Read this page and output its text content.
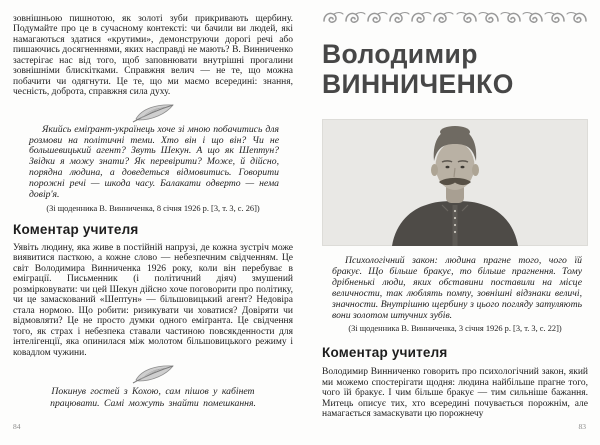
зовнішньою пишнотою, як золоті зуби прикривають щербину. Подумайте про це в сучасному контексті: чи бачили ви людей, які намагаються здатися «крутими», демонструючи дорогі речі або пишаючись досягненнями, яких насправді не мають? В. Винниченко застерігає нас від того, щоб заповнювати внутрішні прогалини зовнішніми блискітками. Справжня велич — не те, що можна побачити чи одягнути. Це те, що ми маємо всередині: знання, чесність, доброта, справжня сила духу.

Якийсь еміґрант-українець хоче зі мною побачитись для розмови на політичні теми. Хто він і що він? Чи не большевицький агент? Звуть Шекун. А що як Шептун? Звідки я можу знати? Як перевірити? Може, й дійсно, порядна людина, а доведеться відмовитись. Говорити порожні речі — шкода часу. Балакати одверто — нема довір'я.

(Зі щоденника В. Винниченка, 8 січня 1926 р. [3, т. 3, с. 26])

Коментар учителя

Уявіть людину, яка живе в постійній напрузі, де кожна зустріч може виявитися пасткою, а кожне слово — небезпечним свідченням. Це світ Володимира Винниченка 1926 року, коли він перебуває в еміграції. Письменник (і політичний діяч) змушений розмірковувати: чи цей Шекун дійсно хоче поговорити про політику, чи це замаскований «Шептун» — більшовицький агент? Недовіра стала нормою. Що робити: ризикувати чи ховатися? Довіряти чи відмовляти? Це не просто думки одного еміґранта. Це свідчення того, як страх і небезпека ставали частиною повсякденности для інтелігенції, яка опинилася між молотом більшовицького режиму і ковадлом чужини.

Покинув гостей з Кохою, сам пішов у кабінет працювати. Самі можуть знайти помешкання.

84
Володимир
ВИННИЧЕНКО

Психологічний закон: людина прагне того, чого їй бракує. Що більше бракує, то більше прагнення. Тому дрібненькі люди, яких обставини поставили на місце величности, так люблять помпу, зовнішні відзнаки величі, значности. Внутрішню щербину з цього погляду затуляють вони золотом штучних зубів.

(Зі щоденника В. Винниченка, 3 січня 1926 р. [3, т. 3, с. 22])

Коментар учителя

Володимир Винниченко говорить про психологічний закон, який ми можемо спостерігати щодня: людина найбільше прагне того, чого їй бракує. І чим більше бракує — тим сильніше бажання. Митець описує тих, хто всередині почувається порожнім, але намагається замаскувати цю порожнечу

83
